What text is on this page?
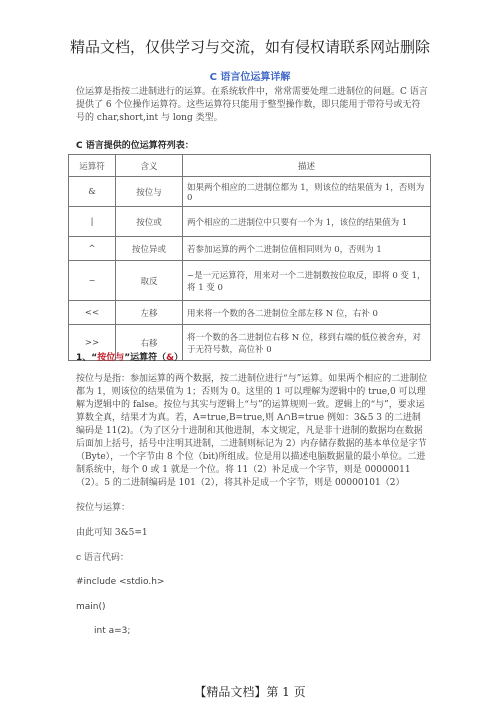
精品文档，仅供学习与交流，如有侵权请联系网站删除
C 语言位运算详解
位运算是指按二进制进行的运算。在系统软件中，常常需要处理二进制位的问题。C 语言提供了 6 个位操作运算符。这些运算符只能用于整型操作数，即只能用于带符号或无符号的 char,short,int 与 long 类型。
C 语言提供的位运算符列表：
运算符	含义	描述
&	按位与	如果两个相应的二进制位都为 1，则该位的结果值为 1，否则为 0
|	按位或	两个相应的二进制位中只要有一个为 1，该位的结果值为 1
^	按位异或	若参加运算的两个二进制位值相同则为 0，否则为 1
~	取反	~是一元运算符，用来对一个二进制数按位取反，即将 0 变 1，将 1 变 0
<<	左移	用来将一个数的各二进制位全部左移 N 位，右补 0
>>	右移	将一个数的各二进制位右移 N 位，移到右端的低位被舍弃，对于无符号数，高位补 0
1、“按位与”运算符（&）
按位与是指：参加运算的两个数据，按二进制位进行“与”运算。如果两个相应的二进制位都为 1，则该位的结果值为 1；否则为 0。这里的 1 可以理解为逻辑中的 true,0 可以理解为逻辑中的 false。按位与其实与逻辑上“与”的运算规则一致。逻辑上的“与”，要求运算数全真，结果才为真。若，A=true,B=true,则 A∩B=true 例如：3&5 3 的二进制编码是 11(2)。（为了区分十进制和其他进制，本文规定，凡是非十进制的数据均在数据后面加上括号，括号中注明其进制，二进制则标记为 2）内存储存数据的基本单位是字节（Byte），一个字节由 8 个位（bit)所组成。位是用以描述电脑数据量的最小单位。二进制系统中，每个 0 或 1 就是一个位。将 11（2）补足成一个字节，则是 00000011（2）。5 的二进制编码是 101（2），将其补足成一个字节，则是 00000101（2）
按位与运算：
由此可知 3&5=1
c 语言代码：
#include <stdio.h>
main()
int a=3;
【精品文档】第 1 页
